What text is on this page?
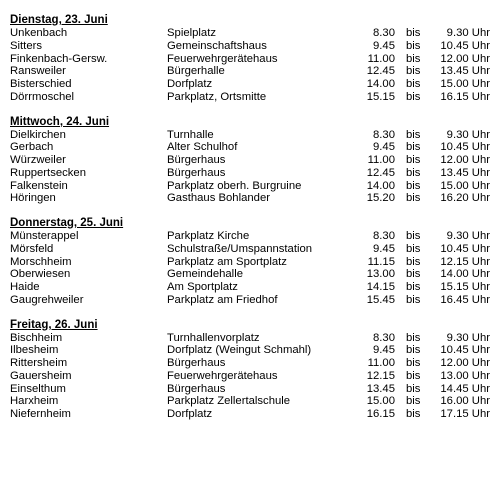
Dienstag, 23. Juni
Unkenbach	Spielplatz	8.30 bis 9.30 Uhr
Sitters	Gemeinschaftshaus	9.45 bis 10.45 Uhr
Finkenbach-Gersw.	Feuerwehrgerätehaus	11.00 bis 12.00 Uhr
Ransweiler	Bürgerhalle	12.45 bis 13.45 Uhr
Bisterschied	Dorfplatz	14.00 bis 15.00 Uhr
Dörrmoschel	Parkplatz, Ortsmitte	15.15 bis 16.15 Uhr
Mittwoch, 24. Juni
Dielkirchen	Turnhalle	8.30 bis 9.30 Uhr
Gerbach	Alter Schulhof	9.45 bis 10.45 Uhr
Würzweiler	Bürgerhaus	11.00 bis 12.00 Uhr
Ruppertsecken	Bürgerhaus	12.45 bis 13.45 Uhr
Falkenstein	Parkplatz oberh. Burgruine	14.00 bis 15.00 Uhr
Höringen	Gasthaus Bohlander	15.20 bis 16.20 Uhr
Donnerstag, 25. Juni
Münsterappel	Parkplatz Kirche	8.30 bis 9.30 Uhr
Mörsfeld	Schulstraße/Umspannstation	9.45 bis 10.45 Uhr
Morschheim	Parkplatz am Sportplatz	11.15 bis 12.15 Uhr
Oberwiesen	Gemeindehalle	13.00 bis 14.00 Uhr
Haide	Am Sportplatz	14.15 bis 15.15 Uhr
Gaugrehweiler	Parkplatz am Friedhof	15.45 bis 16.45 Uhr
Freitag, 26. Juni
Bischheim	Turnhallenvorplatz	8.30 bis 9.30 Uhr
Ilbesheim	Dorfplatz (Weingut Schmahl)	9.45 bis 10.45 Uhr
Rittersheim	Bürgerhaus	11.00 bis 12.00 Uhr
Gauersheim	Feuerwehrgerätehaus	12.15 bis 13.00 Uhr
Einselthum	Bürgerhaus	13.45 bis 14.45 Uhr
Harxheim	Parkplatz Zellertalschule	15.00 bis 16.00 Uhr
Niefernheim	Dorfplatz	16.15 bis 17.15 Uhr
